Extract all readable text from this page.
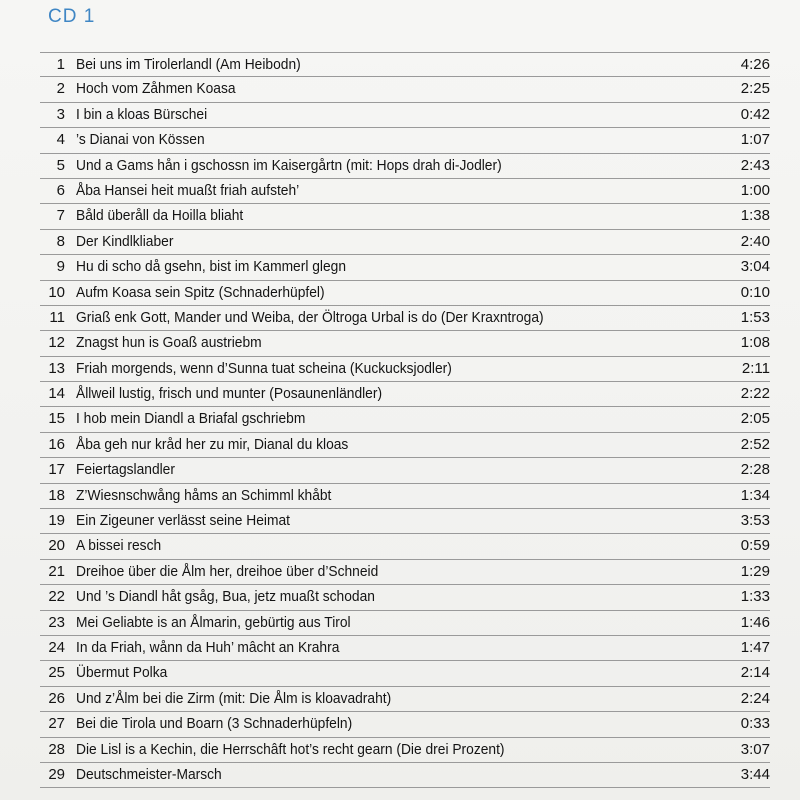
CD 1
1 Bei uns im Tirolerlandl (Am Heibodn)	4:26
2 Hoch vom Zåhmen Koasa	2:25
3 I bin a kloas Bürschei	0:42
4 ’s Dianai von Kössen	1:07
5 Und a Gams hån i gschossn im Kaisergårtn (mit: Hops drah di-Jodler)	2:43
6 Åba Hansei heit muaßt friah aufsteh’	1:00
7 Båld überåll da Hoilla bliaht	1:38
8 Der Kindlkliaber	2:40
9 Hu di scho då gsehn, bist im Kammerl glegn	3:04
10 Aufm Koasa sein Spitz (Schnaderhüpfel)	0:10
11 Griaß enk Gott, Mander und Weiba, der Öltroga Urbal is do (Der Kraxntroga)	1:53
12 Znagst hun is Goaß austriebm	1:08
13 Friah morgends, wenn d’Sunna tuat scheina (Kuckucksjodler)	2:11
14 Ållweil lustig, frisch und munter (Posaunenländler)	2:22
15 I hob mein Diandl a Briafal gschriebm	2:05
16 Åba geh nur kråd her zu mir, Dianal du kloas	2:52
17 Feiertagslandler	2:28
18 Z’Wiesnschwång håms an Schimml khåbt	1:34
19 Ein Zigeuner verlässt seine Heimat	3:53
20 A bissei resch	0:59
21 Dreihoe über die Ålm her, dreihoe über d’Schneid	1:29
22 Und ’s Diandl håt gsåg, Bua, jetz muaßt schodan	1:33
23 Mei Geliabte is an Ålmarin, gebürtig aus Tirol	1:46
24 In da Friah, wånn da Huh’ mâcht an Krahra	1:47
25 Übermut Polka	2:14
26 Und z’Ålm bei die Zirm (mit: Die Ålm is kloavadraht)	2:24
27 Bei die Tirola und Boarn (3 Schnaderhüpfeln)	0:33
28 Die Lisl is a Kechin, die Herrschâft hot’s recht gearn (Die drei Prozent)	3:07
29 Deutschmeister-Marsch	3:44
